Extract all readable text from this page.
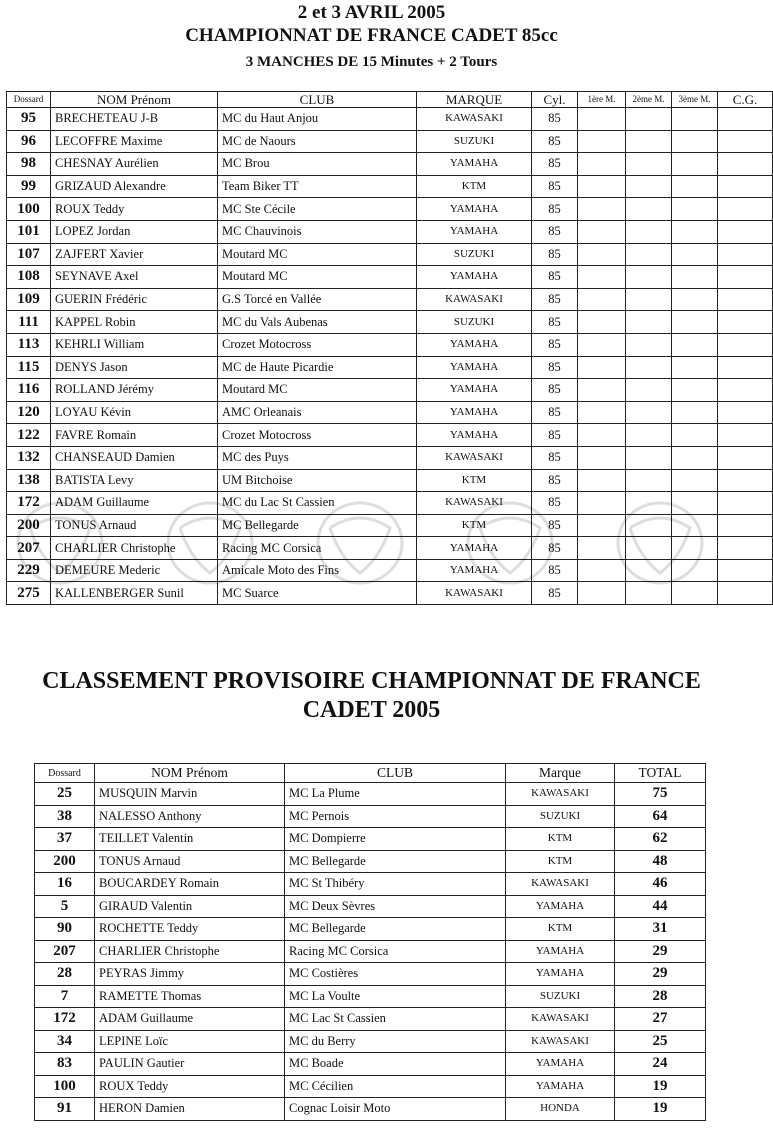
2 et 3 AVRIL 2005
CHAMPIONNAT DE FRANCE CADET 85cc
3 MANCHES DE 15 Minutes + 2 Tours
Dossard	NOM Prénom	CLUB	MARQUE	Cyl.	1ère M.	2ème M.	3ème M.	C.G.
95	BRECHETEAU J-B	MC du Haut Anjou	KAWASAKI	85				
96	LECOFFRE Maxime	MC de Naours	SUZUKI	85				
98	CHESNAY Aurélien	MC Brou	YAMAHA	85				
99	GRIZAUD Alexandre	Team Biker TT	KTM	85				
100	ROUX Teddy	MC Ste Cécile	YAMAHA	85				
101	LOPEZ Jordan	MC Chauvinois	YAMAHA	85				
107	ZAJFERT Xavier	Moutard MC	SUZUKI	85				
108	SEYNAVE Axel	Moutard MC	YAMAHA	85				
109	GUERIN Frédéric	G.S Torcé en Vallée	KAWASAKI	85				
111	KAPPEL Robin	MC du Vals Aubenas	SUZUKI	85				
113	KEHRLI William	Crozet Motocross	YAMAHA	85				
115	DENYS Jason	MC de Haute Picardie	YAMAHA	85				
116	ROLLAND Jérémy	Moutard MC	YAMAHA	85				
120	LOYAU Kévin	AMC Orleanais	YAMAHA	85				
122	FAVRE Romain	Crozet Motocross	YAMAHA	85				
132	CHANSEAUD Damien	MC des Puys	KAWASAKI	85				
138	BATISTA Levy	UM Bitchoise	KTM	85				
172	ADAM Guillaume	MC du Lac St Cassien	KAWASAKI	85				
200	TONUS Arnaud	MC Bellegarde	KTM	85				
207	CHARLIER Christophe	Racing MC Corsica	YAMAHA	85				
229	DEMEURE Mederic	Amicale Moto des Fins	YAMAHA	85				
275	KALLENBERGER Sunil	MC Suarce	KAWASAKI	85				
CLASSEMENT PROVISOIRE CHAMPIONNAT DE FRANCE CADET 2005
Dossard	NOM Prénom	CLUB	Marque	TOTAL
25	MUSQUIN Marvin	MC La Plume	KAWASAKI	75
38	NALESSO Anthony	MC Pernois	SUZUKI	64
37	TEILLET Valentin	MC Dompierre	KTM	62
200	TONUS Arnaud	MC Bellegarde	KTM	48
16	BOUCARDEY Romain	MC St Thibéry	KAWASAKI	46
5	GIRAUD Valentin	MC Deux Sèvres	YAMAHA	44
90	ROCHETTE Teddy	MC Bellegarde	KTM	31
207	CHARLIER Christophe	Racing MC Corsica	YAMAHA	29
28	PEYRAS Jimmy	MC Costières	YAMAHA	29
7	RAMETTE Thomas	MC La Voulte	SUZUKI	28
172	ADAM Guillaume	MC Lac St Cassien	KAWASAKI	27
34	LEPINE Loïc	MC du Berry	KAWASAKI	25
83	PAULIN Gautier	MC Boade	YAMAHA	24
100	ROUX Teddy	MC Cécilien	YAMAHA	19
91	HERON Damien	Cognac Loisir Moto	HONDA	19
